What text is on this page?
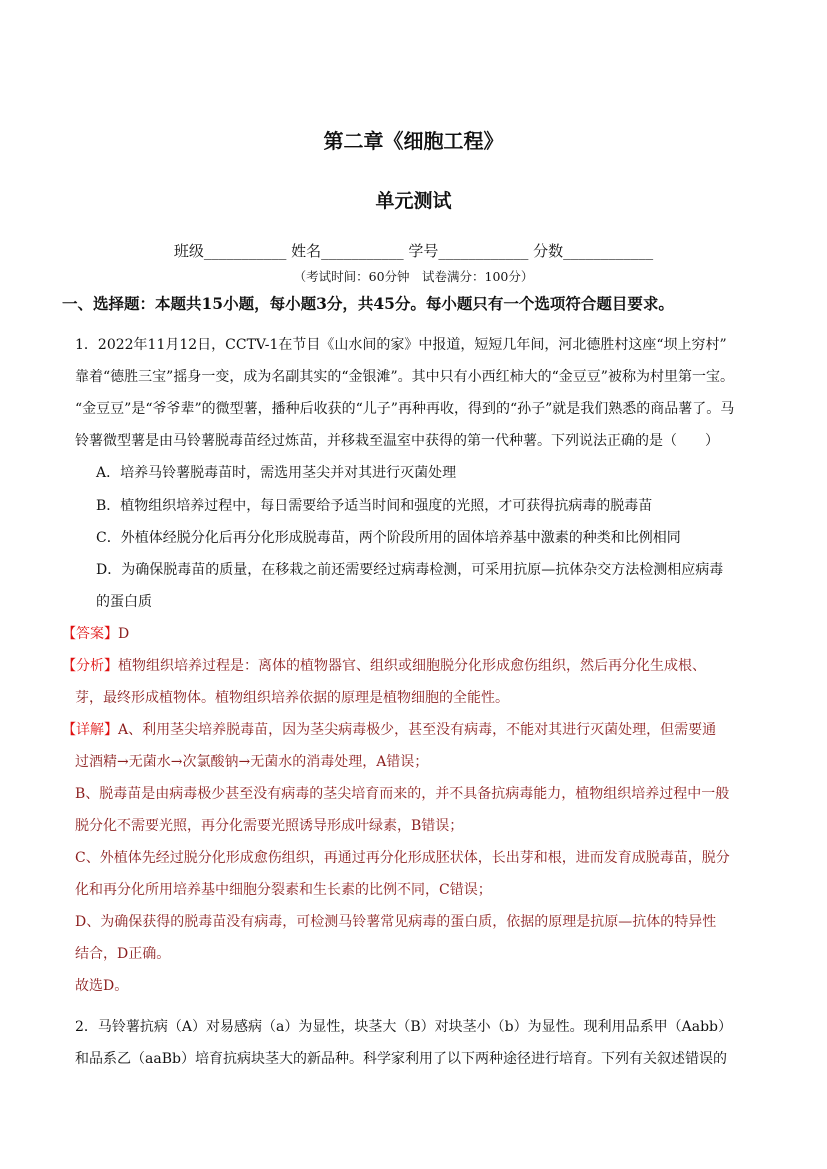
第二章《细胞工程》
单元测试
班级___________ 姓名___________ 学号____________ 分数____________
（考试时间：60分钟　试卷满分：100分）
一、选择题：本题共15小题，每小题3分，共45分。每小题只有一个选项符合题目要求。
1．2022年11月12日，CCTV-1在节目《山水间的家》中报道，短短几年间，河北德胜村这座“坝上穷村”
靠着“德胜三宝”摇身一变，成为名副其实的“金银滩”。其中只有小西红柿大的“金豆豆”被称为村里第一宝。
“金豆豆”是“爷爷辈”的微型薯，播种后收获的“儿子”再种再收，得到的“孙子”就是我们熟悉的商品薯了。马
铃薯微型薯是由马铃薯脱毒苗经过炼苗，并移栽至温室中获得的第一代种薯。下列说法正确的是（　　）
A．培养马铃薯脱毒苗时，需选用茎尖并对其进行灭菌处理
B．植物组织培养过程中，每日需要给予适当时间和强度的光照，才可获得抗病毒的脱毒苗
C．外植体经脱分化后再分化形成脱毒苗，两个阶段所用的固体培养基中激素的种类和比例相同
D．为确保脱毒苗的质量，在移栽之前还需要经过病毒检测，可采用抗原—抗体杂交方法检测相应病毒
的蛋白质
【答案】D
【分析】植物组织培养过程是：离体的植物器官、组织或细胞脱分化形成愈伤组织，然后再分化生成根、
芽，最终形成植物体。植物组织培养依据的原理是植物细胞的全能性。
【详解】A、利用茎尖培养脱毒苗，因为茎尖病毒极少，甚至没有病毒，不能对其进行灭菌处理，但需要通
过酒精→无菌水→次氯酸钠→无菌水的消毒处理，A错误；
B、脱毒苗是由病毒极少甚至没有病毒的茎尖培育而来的，并不具备抗病毒能力，植物组织培养过程中一般
脱分化不需要光照，再分化需要光照诱导形成叶绿素，B错误；
C、外植体先经过脱分化形成愈伤组织，再通过再分化形成胚状体，长出芽和根，进而发育成脱毒苗，脱分
化和再分化所用培养基中细胞分裂素和生长素的比例不同，C错误；
D、为确保获得的脱毒苗没有病毒，可检测马铃薯常见病毒的蛋白质，依据的原理是抗原—抗体的特异性
结合，D正确。
故选D。
2．马铃薯抗病（A）对易感病（a）为显性，块茎大（B）对块茎小（b）为显性。现利用品系甲（Aabb）
和品系乙（aaBb）培育抗病块茎大的新品种。科学家利用了以下两种途径进行培育。下列有关叙述错误的
